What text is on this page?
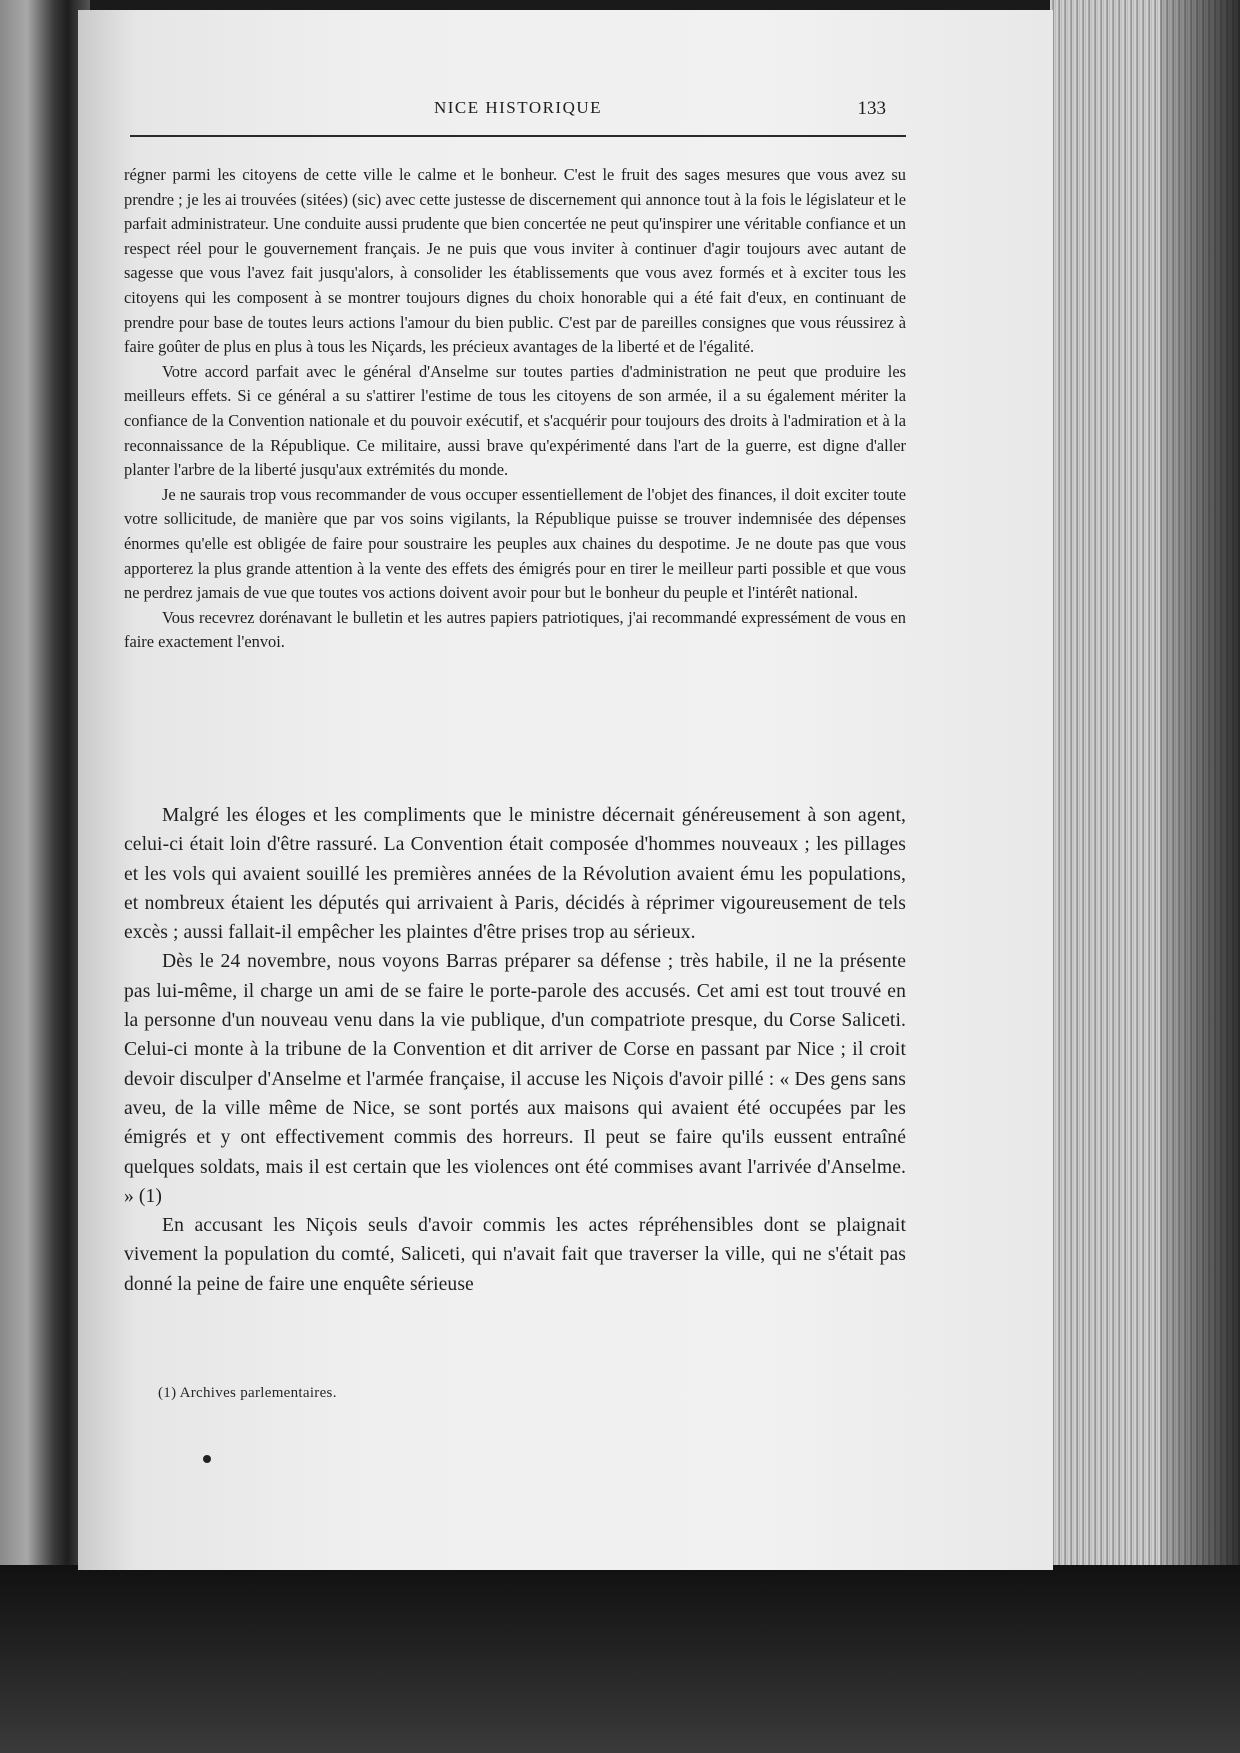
NICE HISTORIQUE	133

régner parmi les citoyens de cette ville le calme et le bonheur. C'est le fruit des sages mesures que vous avez su prendre ; je les ai trouvées (sitées) (sic) avec cette justesse de discernement qui annonce tout à la fois le législateur et le parfait administrateur. Une conduite aussi prudente que bien concertée ne peut qu'inspirer une véritable confiance et un respect réel pour le gouvernement français. Je ne puis que vous inviter à continuer d'agir toujours avec autant de sagesse que vous l'avez fait jusqu'alors, à consolider les établissements que vous avez formés et à exciter tous les citoyens qui les composent à se montrer toujours dignes du choix honorable qui a été fait d'eux, en continuant de prendre pour base de toutes leurs actions l'amour du bien public. C'est par de pareilles consignes que vous réussirez à faire goûter de plus en plus à tous les Niçards, les précieux avantages de la liberté et de l'égalité.

Votre accord parfait avec le général d'Anselme sur toutes parties d'administration ne peut que produire les meilleurs effets. Si ce général a su s'attirer l'estime de tous les citoyens de son armée, il a su également mériter la confiance de la Convention nationale et du pouvoir exécutif, et s'acquérir pour toujours des droits à l'admiration et à la reconnaissance de la République. Ce militaire, aussi brave qu'expérimenté dans l'art de la guerre, est digne d'aller planter l'arbre de la liberté jusqu'aux extrémités du monde.

Je ne saurais trop vous recommander de vous occuper essentiellement de l'objet des finances, il doit exciter toute votre sollicitude, de manière que par vos soins vigilants, la République puisse se trouver indemnisée des dépenses énormes qu'elle est obligée de faire pour soustraire les peuples aux chaines du despotime. Je ne doute pas que vous apporterez la plus grande attention à la vente des effets des émigrés pour en tirer le meilleur parti possible et que vous ne perdrez jamais de vue que toutes vos actions doivent avoir pour but le bonheur du peuple et l'intérêt national.

Vous recevrez dorénavant le bulletin et les autres papiers patriotiques, j'ai recommandé expressément de vous en faire exactement l'envoi.

Malgré les éloges et les compliments que le ministre décernait généreusement à son agent, celui-ci était loin d'être rassuré. La Convention était composée d'hommes nouveaux ; les pillages et les vols qui avaient souillé les premières années de la Révolution avaient ému les populations, et nombreux étaient les députés qui arrivaient à Paris, décidés à réprimer vigoureusement de tels excès ; aussi fallait-il empêcher les plaintes d'être prises trop au sérieux.

Dès le 24 novembre, nous voyons Barras préparer sa défense ; très habile, il ne la présente pas lui-même, il charge un ami de se faire le porte-parole des accusés. Cet ami est tout trouvé en la personne d'un nouveau venu dans la vie publique, d'un compatriote presque, du Corse Saliceti. Celui-ci monte à la tribune de la Convention et dit arriver de Corse en passant par Nice ; il croit devoir disculper d'Anselme et l'armée française, il accuse les Niçois d'avoir pillé : « Des gens sans aveu, de la ville même de Nice, se sont portés aux maisons qui avaient été occupées par les émigrés et y ont effectivement commis des horreurs. Il peut se faire qu'ils eussent entraîné quelques soldats, mais il est certain que les violences ont été commises avant l'arrivée d'Anselme. » (1)

En accusant les Niçois seuls d'avoir commis les actes répréhensibles dont se plaignait vivement la population du comté, Saliceti, qui n'avait fait que traverser la ville, qui ne s'était pas donné la peine de faire une enquête sérieuse

(1) Archives parlementaires.
